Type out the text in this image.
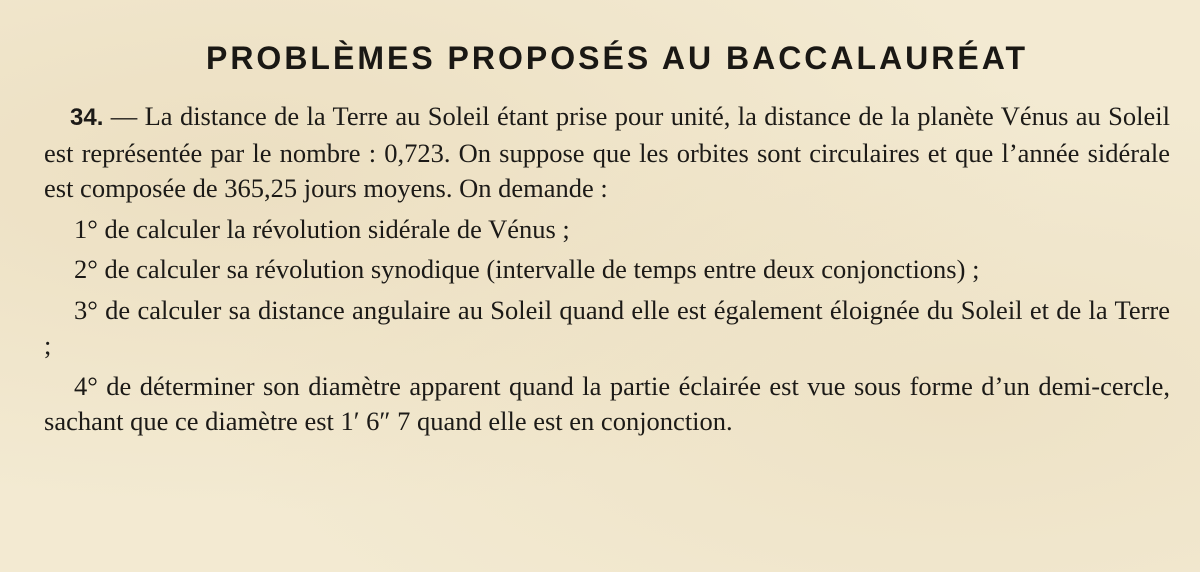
PROBLÈMES PROPOSÉS AU BACCALAURÉAT

34. — La distance de la Terre au Soleil étant prise pour unité, la distance de la planète Vénus au Soleil est représentée par le nombre : 0,723. On suppose que les orbites sont circulaires et que l’année sidérale est composée de 365,25 jours moyens. On demande :

1° de calculer la révolution sidérale de Vénus ;

2° de calculer sa révolution synodique (intervalle de temps entre deux conjonctions) ;

3° de calculer sa distance angulaire au Soleil quand elle est également éloignée du Soleil et de la Terre ;

4° de déterminer son diamètre apparent quand la partie éclairée est vue sous forme d’un demi-cercle, sachant que ce diamètre est 1′ 6″ 7 quand elle est en conjonction.
